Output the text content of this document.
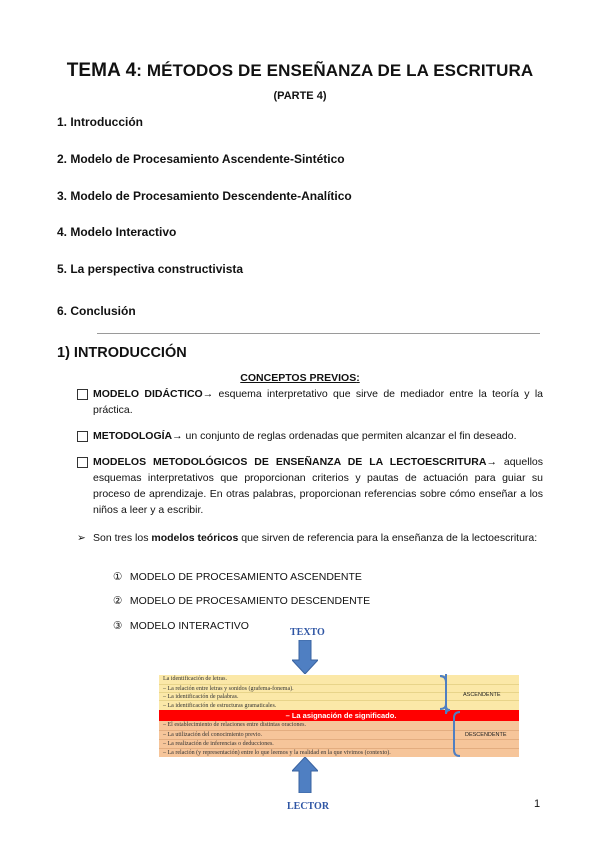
TEMA 4: MÉTODOS DE ENSEÑANZA DE LA ESCRITURA
(PARTE 4)
1. Introducción
2. Modelo de Procesamiento Ascendente-Sintético
3. Modelo de Procesamiento Descendente-Analítico
4. Modelo Interactivo
5. La perspectiva constructivista
6. Conclusión
1) INTRODUCCIÓN
CONCEPTOS PREVIOS:
MODELO DIDÁCTICO→ esquema interpretativo que sirve de mediador entre la teoría y la práctica.
METODOLOGÍA→ un conjunto de reglas ordenadas que permiten alcanzar el fin deseado.
MODELOS METODOLÓGICOS DE ENSEÑANZA DE LA LECTOESCRITURA→ aquellos esquemas interpretativos que proporcionan criterios y pautas de actuación para guiar su proceso de aprendizaje. En otras palabras, proporcionan referencias sobre cómo enseñar a los niños a leer y a escribir.
➢ Son tres los modelos teóricos que sirven de referencia para la enseñanza de la lectoescritura:
① MODELO DE PROCESAMIENTO ASCENDENTE
② MODELO DE PROCESAMIENTO DESCENDENTE
③ MODELO INTERACTIVO
TEXTO
La identificación de letras.
– La relación entre letras y sonidos (grafema-fonema).
– La identificación de palabras.
– La identificación de estructuras gramaticales.
– La asignación de significado.
– El establecimiento de relaciones entre distintas oraciones.
– La utilización del conocimiento previo.
– La realización de inferencias o deducciones.
– La relación (y representación) entre lo que leemos y la realidad en la que vivimos (contexto).
ASCENDENTE
DESCENDENTE
LECTOR	1
